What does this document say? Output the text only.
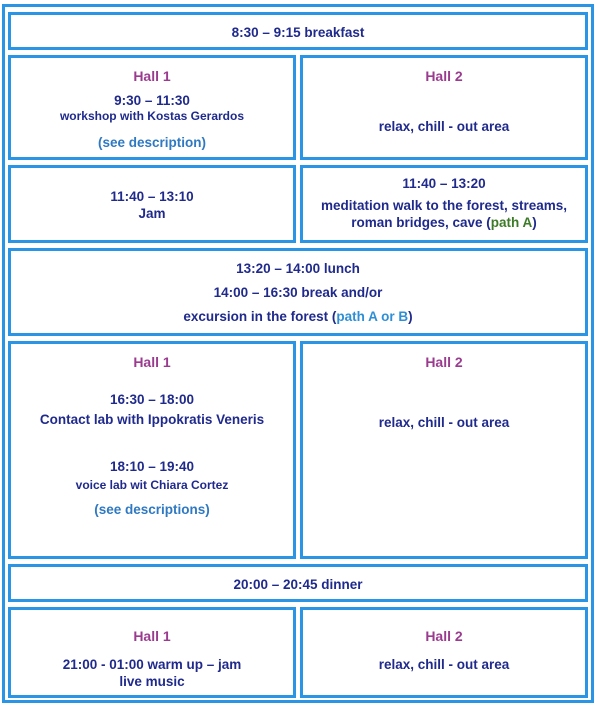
8:30 – 9:15 breakfast
Hall 1
9:30 – 11:30
workshop with Kostas Gerardos
(see description)
Hall 2
relax, chill - out area
11:40 – 13:10
Jam
11:40 – 13:20
meditation walk to the forest, streams,
roman bridges, cave (path A)
13:20 – 14:00 lunch
14:00 – 16:30 break and/or
excursion in the forest (path A or B)
Hall 1
16:30 – 18:00
Contact lab with Ippokratis Veneris
18:10 – 19:40
voice lab wit Chiara Cortez
(see descriptions)
Hall 2
relax, chill - out area
20:00 – 20:45 dinner
Hall 1
21:00 - 01:00 warm up – jam
live music
Hall 2
relax, chill - out area
